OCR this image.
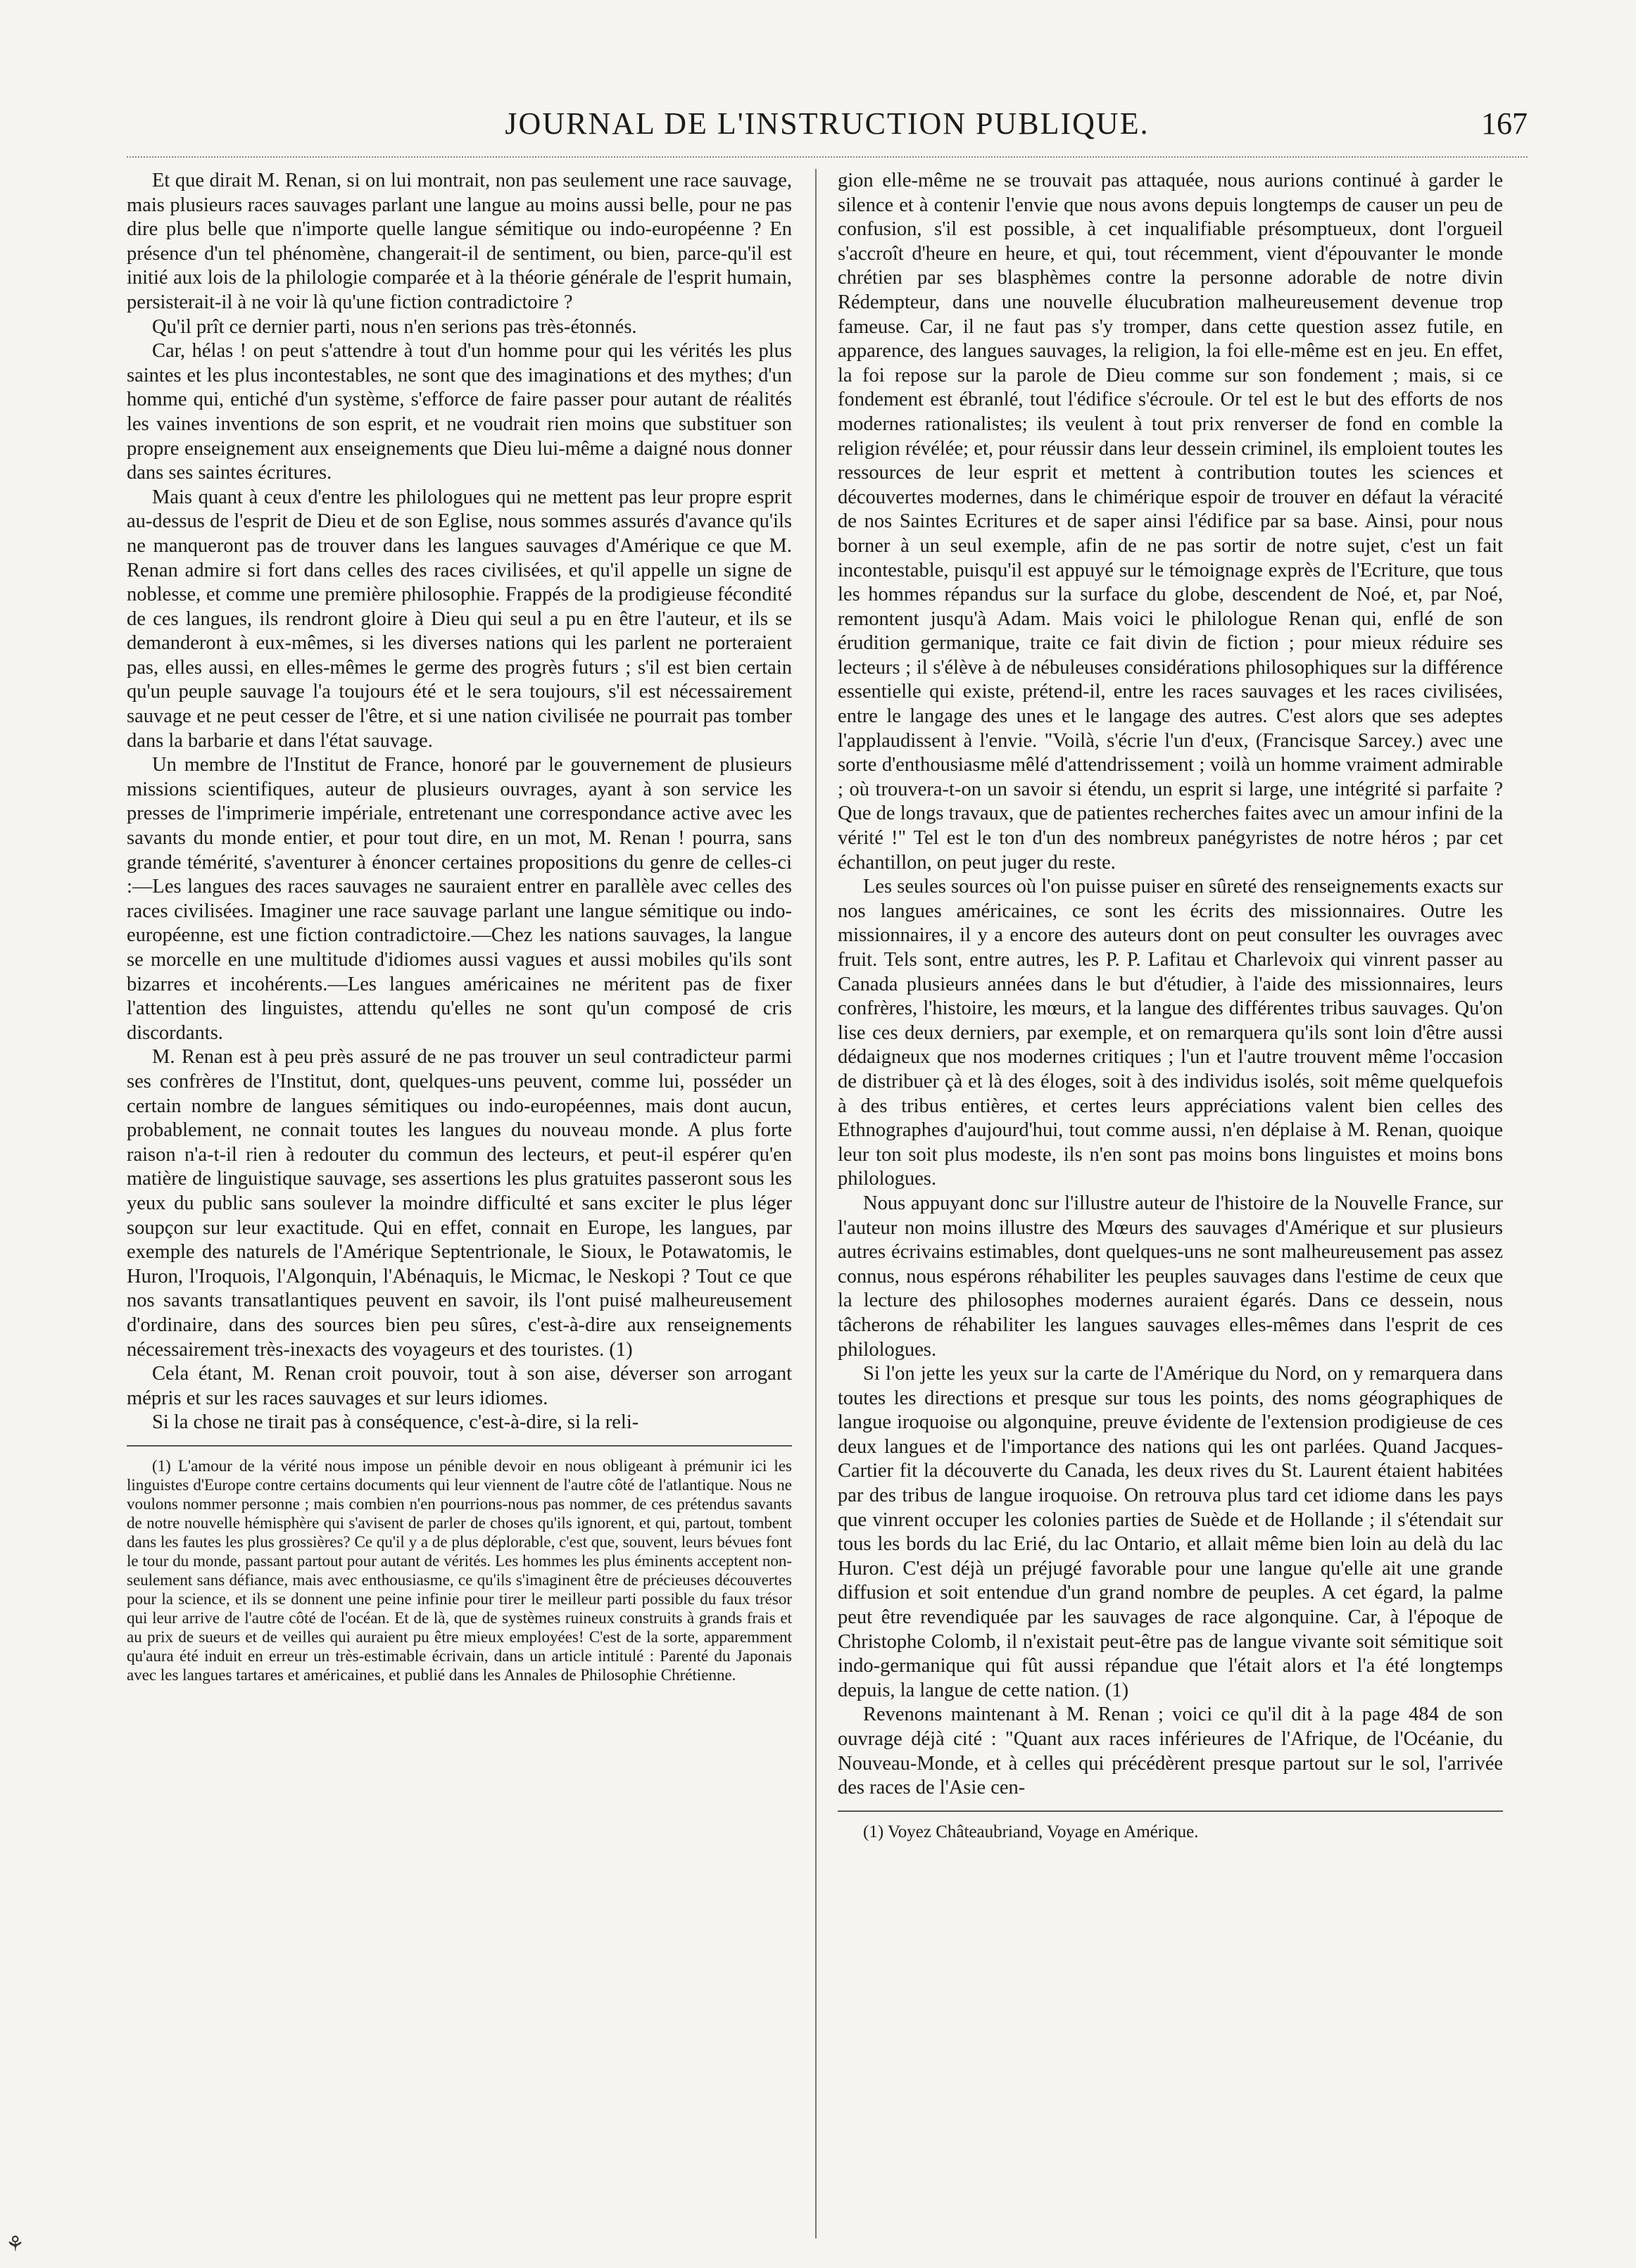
JOURNAL DE L'INSTRUCTION PUBLIQUE.	167

Et que dirait M. Renan, si on lui montrait, non pas seulement une race sauvage, mais plusieurs races sauvages parlant une langue au moins aussi belle, pour ne pas dire plus belle que n'importe quelle langue sémitique ou indo-européenne ? En présence d'un tel phénomène, changerait-il de sentiment, ou bien, parce-qu'il est initié aux lois de la philologie comparée et à la théorie générale de l'esprit humain, persisterait-il à ne voir là qu'une fiction contradictoire ?

Qu'il prît ce dernier parti, nous n'en serions pas très-étonnés.

Car, hélas ! on peut s'attendre à tout d'un homme pour qui les vérités les plus saintes et les plus incontestables, ne sont que des imaginations et des mythes; d'un homme qui, entiché d'un système, s'efforce de faire passer pour autant de réalités les vaines inventions de son esprit, et ne voudrait rien moins que substituer son propre enseignement aux enseignements que Dieu lui-même a daigné nous donner dans ses saintes écritures.

Mais quant à ceux d'entre les philologues qui ne mettent pas leur propre esprit au-dessus de l'esprit de Dieu et de son Eglise, nous sommes assurés d'avance qu'ils ne manqueront pas de trouver dans les langues sauvages d'Amérique ce que M. Renan admire si fort dans celles des races civilisées, et qu'il appelle un signe de noblesse, et comme une première philosophie. Frappés de la prodigieuse fécondité de ces langues, ils rendront gloire à Dieu qui seul a pu en être l'auteur, et ils se demanderont à eux-mêmes, si les diverses nations qui les parlent ne porteraient pas, elles aussi, en elles-mêmes le germe des progrès futurs ; s'il est bien certain qu'un peuple sauvage l'a toujours été et le sera toujours, s'il est nécessairement sauvage et ne peut cesser de l'être, et si une nation civilisée ne pourrait pas tomber dans la barbarie et dans l'état sauvage.

Un membre de l'Institut de France, honoré par le gouvernement de plusieurs missions scientifiques, auteur de plusieurs ouvrages, ayant à son service les presses de l'imprimerie impériale, entretenant une correspondance active avec les savants du monde entier, et pour tout dire, en un mot, M. Renan ! pourra, sans grande témérité, s'aventurer à énoncer certaines propositions du genre de celles-ci :—Les langues des races sauvages ne sauraient entrer en parallèle avec celles des races civilisées. Imaginer une race sauvage parlant une langue sémitique ou indo-européenne, est une fiction contradictoire.—Chez les nations sauvages, la langue se morcelle en une multitude d'idiomes aussi vagues et aussi mobiles qu'ils sont bizarres et incohérents.—Les langues américaines ne méritent pas de fixer l'attention des linguistes, attendu qu'elles ne sont qu'un composé de cris discordants.

M. Renan est à peu près assuré de ne pas trouver un seul contradicteur parmi ses confrères de l'Institut, dont, quelques-uns peuvent, comme lui, posséder un certain nombre de langues sémitiques ou indo-européennes, mais dont aucun, probablement, ne connait toutes les langues du nouveau monde. A plus forte raison n'a-t-il rien à redouter du commun des lecteurs, et peut-il espérer qu'en matière de linguistique sauvage, ses assertions les plus gratuites passeront sous les yeux du public sans soulever la moindre difficulté et sans exciter le plus léger soupçon sur leur exactitude. Qui en effet, connait en Europe, les langues, par exemple des naturels de l'Amérique Septentrionale, le Sioux, le Potawatomis, le Huron, l'Iroquois, l'Algonquin, l'Abénaquis, le Micmac, le Neskopi ? Tout ce que nos savants transatlantiques peuvent en savoir, ils l'ont puisé malheureusement d'ordinaire, dans des sources bien peu sûres, c'est-à-dire aux renseignements nécessairement très-inexacts des voyageurs et des touristes. (1)

Cela étant, M. Renan croit pouvoir, tout à son aise, déverser son arrogant mépris et sur les races sauvages et sur leurs idiomes.

Si la chose ne tirait pas à conséquence, c'est-à-dire, si la reli-

(1) L'amour de la vérité nous impose un pénible devoir en nous obligeant à prémunir ici les linguistes d'Europe contre certains documents qui leur viennent de l'autre côté de l'atlantique. Nous ne voulons nommer personne ; mais combien n'en pourrions-nous pas nommer, de ces prétendus savants de notre nouvelle hémisphère qui s'avisent de parler de choses qu'ils ignorent, et qui, partout, tombent dans les fautes les plus grossières? Ce qu'il y a de plus déplorable, c'est que, souvent, leurs bévues font le tour du monde, passant partout pour autant de vérités. Les hommes les plus éminents acceptent non-seulement sans défiance, mais avec enthousiasme, ce qu'ils s'imaginent être de précieuses découvertes pour la science, et ils se donnent une peine infinie pour tirer le meilleur parti possible du faux trésor qui leur arrive de l'autre côté de l'océan. Et de là, que de systèmes ruineux construits à grands frais et au prix de sueurs et de veilles qui auraient pu être mieux employées! C'est de la sorte, apparemment qu'aura été induit en erreur un très-estimable écrivain, dans un article intitulé : Parenté du Japonais avec les langues tartares et américaines, et publié dans les Annales de Philosophie Chrétienne.

gion elle-même ne se trouvait pas attaquée, nous aurions continué à garder le silence et à contenir l'envie que nous avons depuis longtemps de causer un peu de confusion, s'il est possible, à cet inqualifiable présomptueux, dont l'orgueil s'accroît d'heure en heure, et qui, tout récemment, vient d'épouvanter le monde chrétien par ses blasphèmes contre la personne adorable de notre divin Rédempteur, dans une nouvelle élucubration malheureusement devenue trop fameuse. Car, il ne faut pas s'y tromper, dans cette question assez futile, en apparence, des langues sauvages, la religion, la foi elle-même est en jeu. En effet, la foi repose sur la parole de Dieu comme sur son fondement ; mais, si ce fondement est ébranlé, tout l'édifice s'écroule. Or tel est le but des efforts de nos modernes rationalistes; ils veulent à tout prix renverser de fond en comble la religion révélée; et, pour réussir dans leur dessein criminel, ils emploient toutes les ressources de leur esprit et mettent à contribution toutes les sciences et découvertes modernes, dans le chimérique espoir de trouver en défaut la véracité de nos Saintes Ecritures et de saper ainsi l'édifice par sa base. Ainsi, pour nous borner à un seul exemple, afin de ne pas sortir de notre sujet, c'est un fait incontestable, puisqu'il est appuyé sur le témoignage exprès de l'Ecriture, que tous les hommes répandus sur la surface du globe, descendent de Noé, et, par Noé, remontent jusqu'à Adam. Mais voici le philologue Renan qui, enflé de son érudition germanique, traite ce fait divin de fiction ; pour mieux réduire ses lecteurs ; il s'élève à de nébuleuses considérations philosophiques sur la différence essentielle qui existe, prétend-il, entre les races sauvages et les races civilisées, entre le langage des unes et le langage des autres. C'est alors que ses adeptes l'applaudissent à l'envie. "Voilà, s'écrie l'un d'eux, (Francisque Sarcey.) avec une sorte d'enthousiasme mêlé d'attendrissement ; voilà un homme vraiment admirable ; où trouvera-t-on un savoir si étendu, un esprit si large, une intégrité si parfaite ? Que de longs travaux, que de patientes recherches faites avec un amour infini de la vérité !" Tel est le ton d'un des nombreux panégyristes de notre héros ; par cet échantillon, on peut juger du reste.

Les seules sources où l'on puisse puiser en sûreté des renseignements exacts sur nos langues américaines, ce sont les écrits des missionnaires. Outre les missionnaires, il y a encore des auteurs dont on peut consulter les ouvrages avec fruit. Tels sont, entre autres, les P. P. Lafitau et Charlevoix qui vinrent passer au Canada plusieurs années dans le but d'étudier, à l'aide des missionnaires, leurs confrères, l'histoire, les mœurs, et la langue des différentes tribus sauvages. Qu'on lise ces deux derniers, par exemple, et on remarquera qu'ils sont loin d'être aussi dédaigneux que nos modernes critiques ; l'un et l'autre trouvent même l'occasion de distribuer çà et là des éloges, soit à des individus isolés, soit même quelquefois à des tribus entières, et certes leurs appréciations valent bien celles des Ethnographes d'aujourd'hui, tout comme aussi, n'en déplaise à M. Renan, quoique leur ton soit plus modeste, ils n'en sont pas moins bons linguistes et moins bons philologues.

Nous appuyant donc sur l'illustre auteur de l'histoire de la Nouvelle France, sur l'auteur non moins illustre des Mœurs des sauvages d'Amérique et sur plusieurs autres écrivains estimables, dont quelques-uns ne sont malheureusement pas assez connus, nous espérons réhabiliter les peuples sauvages dans l'estime de ceux que la lecture des philosophes modernes auraient égarés. Dans ce dessein, nous tâcherons de réhabiliter les langues sauvages elles-mêmes dans l'esprit de ces philologues.

Si l'on jette les yeux sur la carte de l'Amérique du Nord, on y remarquera dans toutes les directions et presque sur tous les points, des noms géographiques de langue iroquoise ou algonquine, preuve évidente de l'extension prodigieuse de ces deux langues et de l'importance des nations qui les ont parlées. Quand Jacques-Cartier fit la découverte du Canada, les deux rives du St. Laurent étaient habitées par des tribus de langue iroquoise. On retrouva plus tard cet idiome dans les pays que vinrent occuper les colonies parties de Suède et de Hollande ; il s'étendait sur tous les bords du lac Erié, du lac Ontario, et allait même bien loin au delà du lac Huron. C'est déjà un préjugé favorable pour une langue qu'elle ait une grande diffusion et soit entendue d'un grand nombre de peuples. A cet égard, la palme peut être revendiquée par les sauvages de race algonquine. Car, à l'époque de Christophe Colomb, il n'existait peut-être pas de langue vivante soit sémitique soit indo-germanique qui fût aussi répandue que l'était alors et l'a été longtemps depuis, la langue de cette nation. (1)

Revenons maintenant à M. Renan ; voici ce qu'il dit à la page 484 de son ouvrage déjà cité : "Quant aux races inférieures de l'Afrique, de l'Océanie, du Nouveau-Monde, et à celles qui précédèrent presque partout sur le sol, l'arrivée des races de l'Asie cen-

(1) Voyez Châteaubriand, Voyage en Amérique.

⚘
